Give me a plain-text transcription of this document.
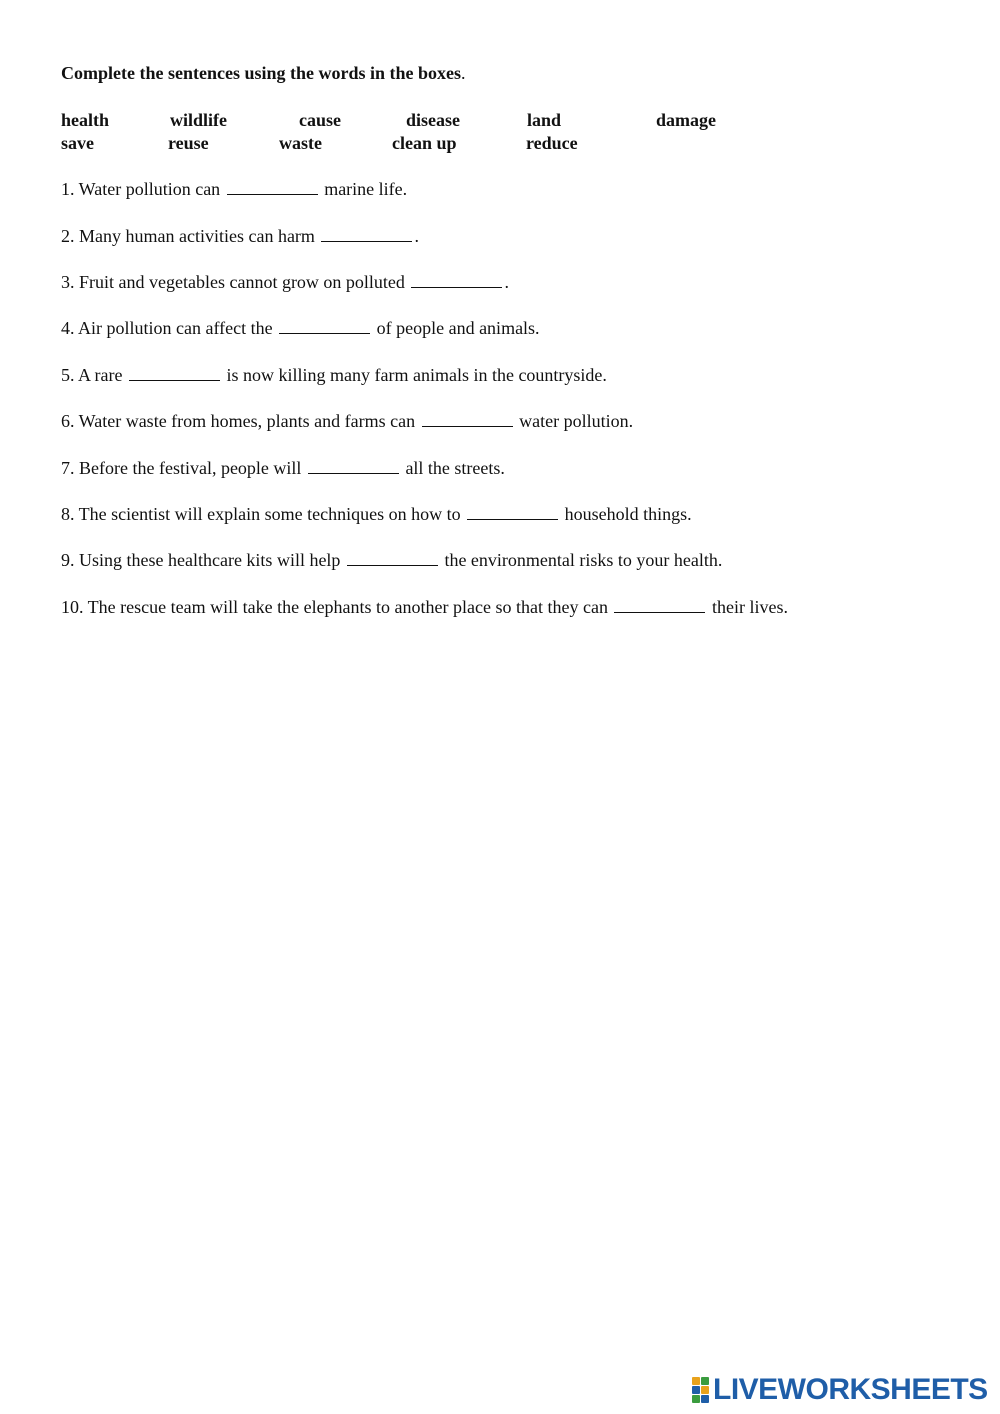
Complete the sentences using the words in the boxes.
health	wildlife	cause	disease	land	damage
save	reuse	waste	clean up	reduce
1. Water pollution can	marine life.
2. Many human activities can harm	.
3. Fruit and vegetables cannot grow on polluted	.
4. Air pollution can affect the	of people and animals.
5. A rare	is now killing many farm animals in the countryside.
6. Water waste from homes, plants and farms can	water pollution.
7. Before the festival, people will	all the streets.
8. The scientist will explain some techniques on how to	household things.
9. Using these healthcare kits will help	the environmental risks to your health.
10. The rescue team will take the elephants to another place so that they can	their lives.
LIVEWORKSHEETS
